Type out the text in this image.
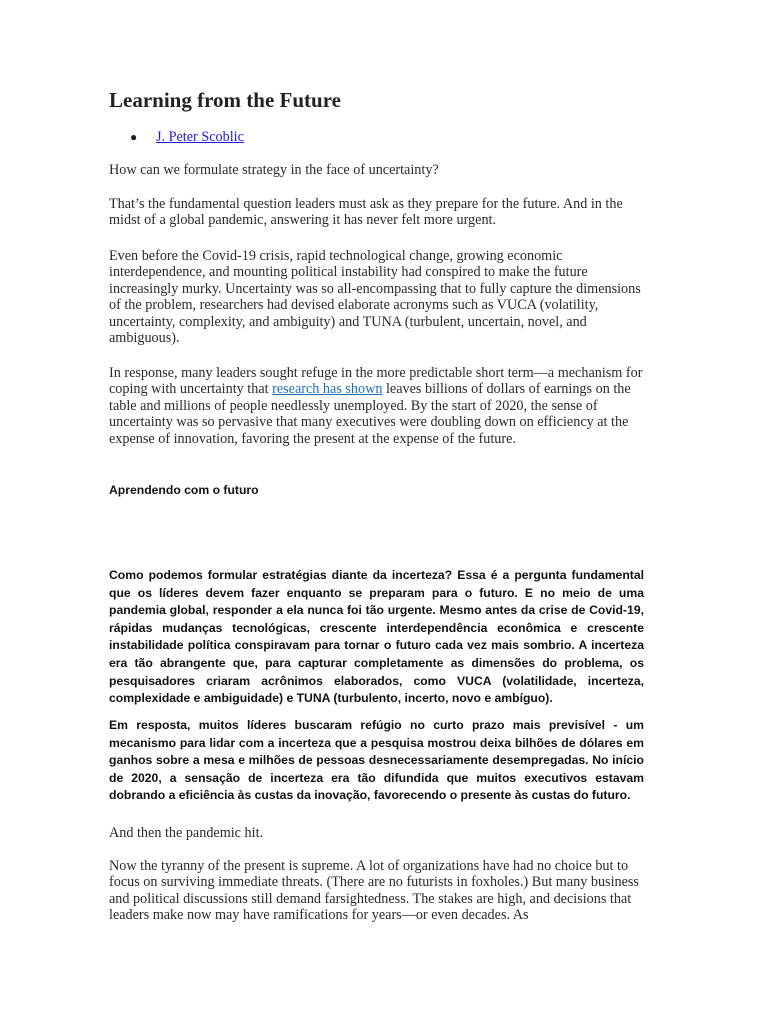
Learning from the Future
● J. Peter Scoblic

How can we formulate strategy in the face of uncertainty?

That’s the fundamental question leaders must ask as they prepare for the future. And in the midst of a global pandemic, answering it has never felt more urgent.

Even before the Covid-19 crisis, rapid technological change, growing economic interdependence, and mounting political instability had conspired to make the future increasingly murky. Uncertainty was so all-encompassing that to fully capture the dimensions of the problem, researchers had devised elaborate acronyms such as VUCA (volatility, uncertainty, complexity, and ambiguity) and TUNA (turbulent, uncertain, novel, and ambiguous).

In response, many leaders sought refuge in the more predictable short term—a mechanism for coping with uncertainty that research has shown leaves billions of dollars of earnings on the table and millions of people needlessly unemployed. By the start of 2020, the sense of uncertainty was so pervasive that many executives were doubling down on efficiency at the expense of innovation, favoring the present at the expense of the future.

Aprendendo com o futuro

Como podemos formular estratégias diante da incerteza? Essa é a pergunta fundamental que os líderes devem fazer enquanto se preparam para o futuro. E no meio de uma pandemia global, responder a ela nunca foi tão urgente. Mesmo antes da crise de Covid-19, rápidas mudanças tecnológicas, crescente interdependência econômica e crescente instabilidade política conspiravam para tornar o futuro cada vez mais sombrio. A incerteza era tão abrangente que, para capturar completamente as dimensões do problema, os pesquisadores criaram acrônimos elaborados, como VUCA (volatilidade, incerteza, complexidade e ambiguidade) e TUNA (turbulento, incerto, novo e ambíguo).

Em resposta, muitos líderes buscaram refúgio no curto prazo mais previsível - um mecanismo para lidar com a incerteza que a pesquisa mostrou deixa bilhões de dólares em ganhos sobre a mesa e milhões de pessoas desnecessariamente desempregadas. No início de 2020, a sensação de incerteza era tão difundida que muitos executivos estavam dobrando a eficiência às custas da inovação, favorecendo o presente às custas do futuro.

And then the pandemic hit.

Now the tyranny of the present is supreme. A lot of organizations have had no choice but to focus on surviving immediate threats. (There are no futurists in foxholes.) But many business and political discussions still demand farsightedness. The stakes are high, and decisions that leaders make now may have ramifications for years—or even decades. As
